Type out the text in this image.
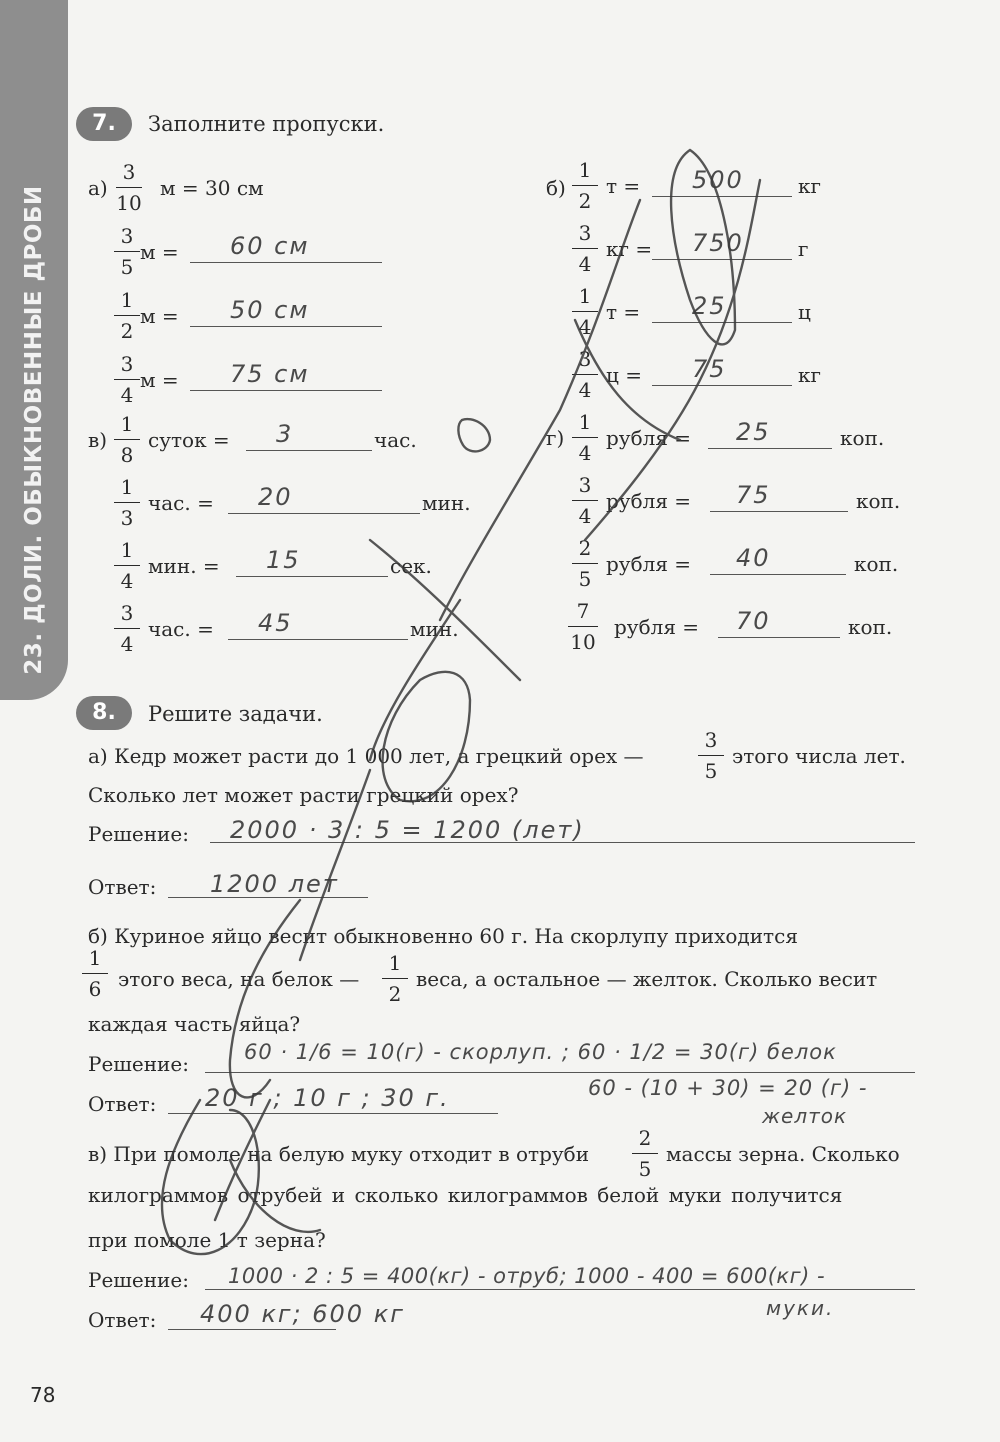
23. ДОЛИ. ОБЫКНОВЕННЫЕ ДРОБИ
7.	Заполните пропуски.
а)
3
10
м = 30 см
3
5
м = 60 см
1
2
м = 50 см
3
4
м = 75 см
1
2
т = 500	кг
3
4
кг = 750	г
1
4
т = 25	ц
3
4
ц = 75	кг
1
8
суток = 3	час.
1
3
час. = 20	мин.
1
4
мин. = 15	сек.
3
4
час. = 45	мин.
1
4
рубля = 25	коп.
3
4
рубля = 75	коп.
2
5
рубля = 40	коп.
7
10
рубля = 70	коп.
б)
в)	г)
8.	Решите задачи.
а) Кедр может расти до 1 000 лет, а грецкий орех —
3
5
этого числа лет.
Сколько лет может расти грецкий орех?
Решение: 2000 · 3 : 5 = 1200 (лет)
Ответ: 1200 лет
б) Куриное яйцо весит обыкновенно 60 г. На скорлупу приходится
1
6 этого веса, на белок —
1
2
веса, а остальное — желток. Сколько весит
каждая часть яйца?
Решение:	60 · 1/6 = 10(г) - скорлуп. ; 60 · 1/2 = 30(г) белок
60 - (10 + 30) = 20 (г) -
желток
Ответ: 20 г ; 10 г ; 30 г.
в) При помоле на белую муку отходит в отруби
2
5
массы зерна. Сколько
килограммов отрубей и сколько килограммов белой муки получится
при помоле 1 т зерна?
Решение: 1000 · 2 : 5 = 400(кг) - отруб; 1000 - 400 = 600(кг) -
муки.
Ответ: 400 кг; 600 кг
78
